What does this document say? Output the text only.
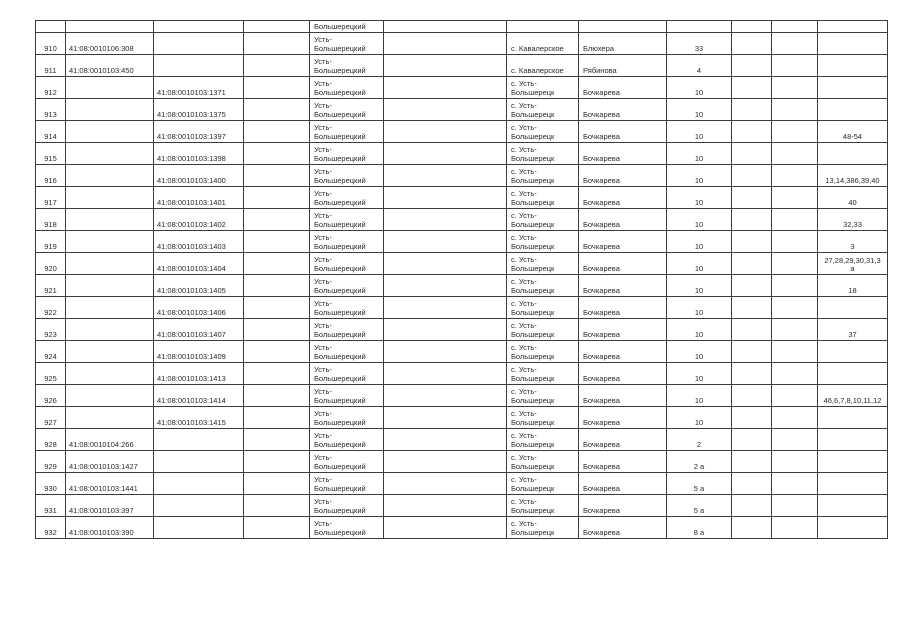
				Большерецкий							

910	41:08:0010106:308			Усть-
Большерецкий		с. Кавалерское	Блюхера	33			

911	41:08:0010103:450			Усть-
Большерецкий		с. Кавалерское	Рябинова	4			

912		41:08:0010103:1371		Усть-
Большерецкий		с. Усть-
Большерецк	Бочкарева	10			

913		41:08:0010103:1375		Усть-
Большерецкий		с. Усть-
Большерецк	Бочкарева	10			

914		41:08:0010103:1397		Усть-
Большерецкий		с. Усть-
Большерецк	Бочкарева	10			48-54

915		41:08:0010103:1398		Усть-
Большерецкий		с. Усть-
Большерецк	Бочкарева	10			

916		41:08:0010103:1400		Усть-
Большерецкий		с. Усть-
Большерецк	Бочкарева	10			13,14,386,39,40

917		41:08:0010103:1401		Усть-
Большерецкий		с. Усть-
Большерецк	Бочкарева	10			40

918		41:08:0010103:1402		Усть-
Большерецкий		с. Усть-
Большерецк	Бочкарева	10			32,33

919		41:08:0010103:1403		Усть-
Большерецкий		с. Усть-
Большерецк	Бочкарева	10			3

920		41:08:0010103:1404		Усть-
Большерецкий		с. Усть-
Большерецк	Бочкарева	10			27,28,29,30,31,3
а

921		41:08:0010103:1405		Усть-
Большерецкий		с. Усть-
Большерецк	Бочкарева	10			18

922		41:08:0010103:1406		Усть-
Большерецкий		с. Усть-
Большерецк	Бочкарева	10			

923		41:08:0010103:1407		Усть-
Большерецкий		с. Усть-
Большерецк	Бочкарева	10			37

924		41:08:0010103:1409		Усть-
Большерецкий		с. Усть-
Большерецк	Бочкарева	10			

925		41:08:0010103:1413		Усть-
Большерецкий		с. Усть-
Большерецк	Бочкарева	10			

926		41:08:0010103:1414		Усть-
Большерецкий		с. Усть-
Большерецк	Бочкарева	10			46,6,7,8,10,11,12

927		41:08:0010103:1415		Усть-
Большерецкий		с. Усть-
Большерецк	Бочкарева	10			

928	41:08:0010104:266			Усть-
Большерецкий		с. Усть-
Большерецк	Бочкарева	2			

929	41:08:0010103:1427			Усть-
Большерецкий		с. Усть-
Большерецк	Бочкарева	2 а			

930	41:08:0010103:1441			Усть-
Большерецкий		с. Усть-
Большерецк	Бочкарева	5 а			

931	41:08:0010103:397			Усть-
Большерецкий		с. Усть-
Большерецк	Бочкарева	5 а			

932	41:08:0010103:390			Усть-
Большерецкий		с. Усть-
Большерецк	Бочкарева	8 а			
